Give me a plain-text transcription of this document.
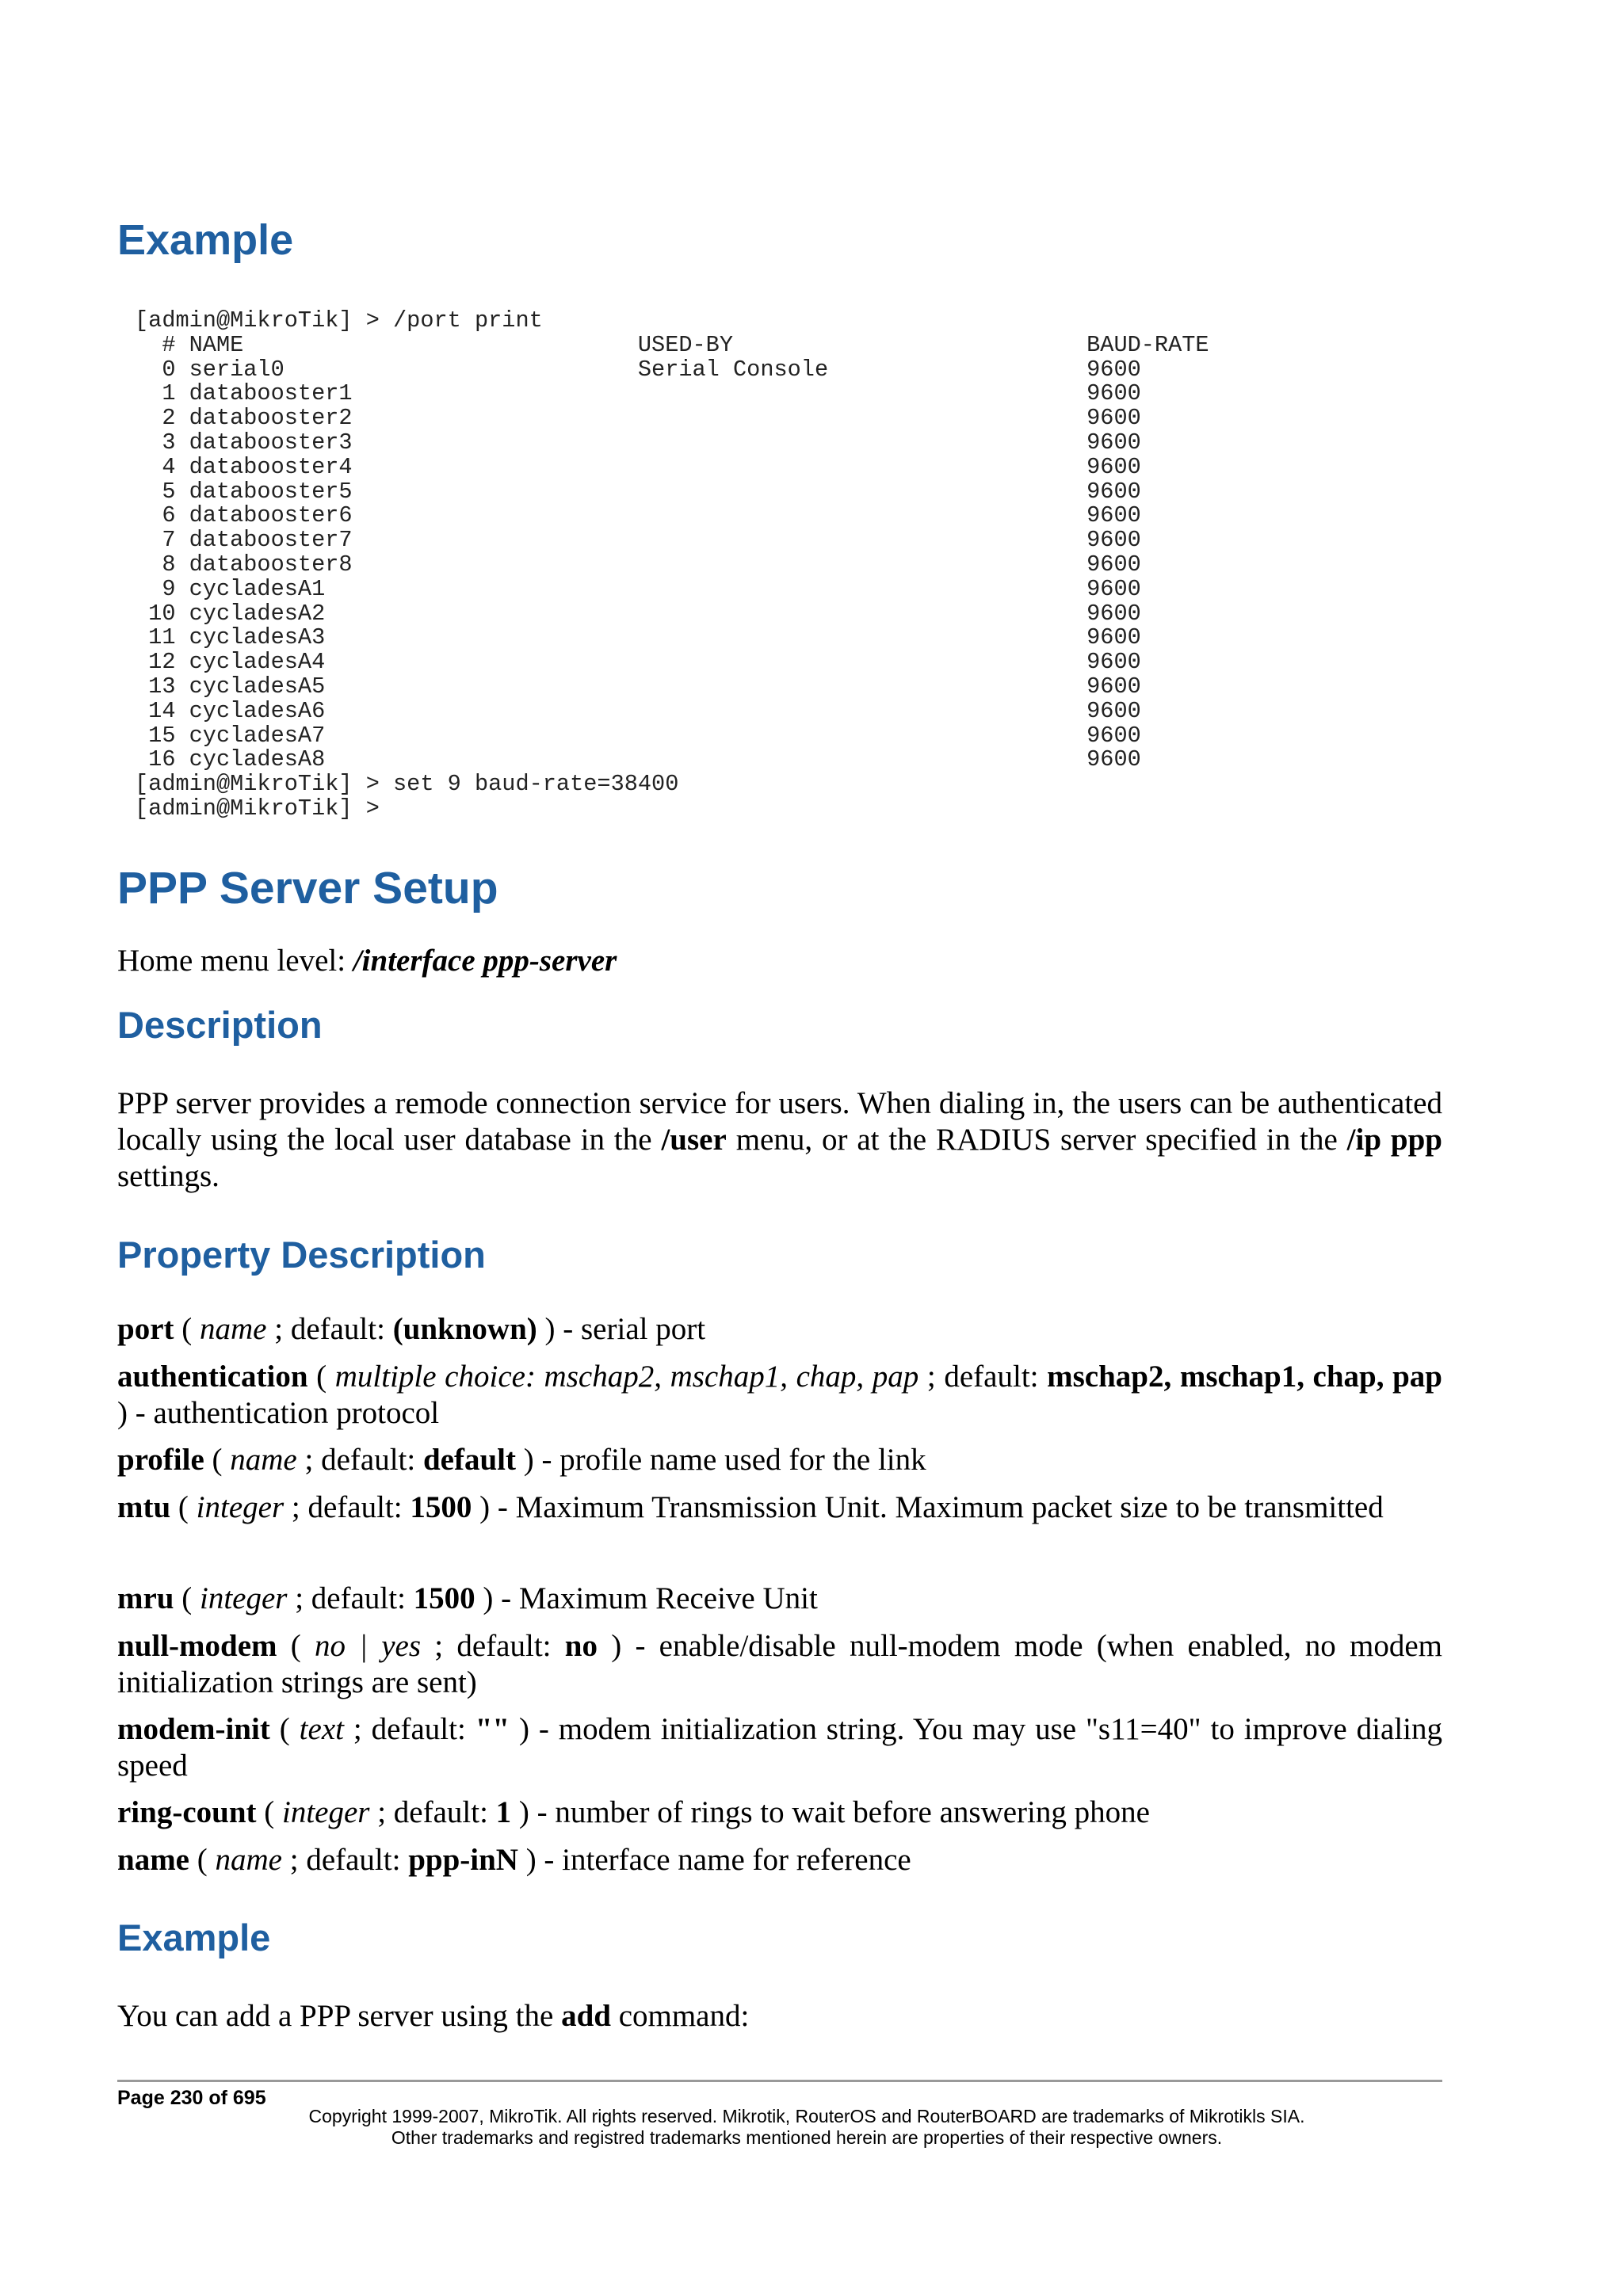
Example
[admin@MikroTik] > /port print
# NAME                             USED-BY                          BAUD-RATE
0 serial0                          Serial Console                   9600
1 databooster1                                                      9600
2 databooster2                                                      9600
3 databooster3                                                      9600
4 databooster4                                                      9600
5 databooster5                                                      9600
6 databooster6                                                      9600
7 databooster7                                                      9600
8 databooster8                                                      9600
9 cycladesA1                                                        9600
10 cycladesA2                                                        9600
11 cycladesA3                                                        9600
12 cycladesA4                                                        9600
13 cycladesA5                                                        9600
14 cycladesA6                                                        9600
15 cycladesA7                                                        9600
16 cycladesA8                                                        9600
[admin@MikroTik] > set 9 baud-rate=38400
[admin@MikroTik] >
PPP Server Setup

Home menu level: /interface ppp-server

Description

PPP server provides a remode connection service for users. When dialing in, the users can be authenticated locally using the local user database in the /user menu, or at the RADIUS server specified in the /ip ppp settings.

Property Description

port ( name ; default: (unknown) ) - serial port

authentication ( multiple choice: mschap2, mschap1, chap, pap ; default: mschap2, mschap1, chap, pap ) - authentication protocol

profile ( name ; default: default ) - profile name used for the link

mtu ( integer ; default: 1500 ) - Maximum Transmission Unit. Maximum packet size to be transmitted

mru ( integer ; default: 1500 ) - Maximum Receive Unit

null-modem ( no | yes ; default: no ) - enable/disable null-modem mode (when enabled, no modem initialization strings are sent)

modem-init ( text ; default: "" ) - modem initialization string. You may use "s11=40" to improve dialing speed

ring-count ( integer ; default: 1 ) - number of rings to wait before answering phone

name ( name ; default: ppp-inN ) - interface name for reference

Example

You can add a PPP server using the add command:

Page 230 of 695
Copyright 1999-2007, MikroTik. All rights reserved. Mikrotik, RouterOS and RouterBOARD are trademarks of Mikrotikls SIA.
Other trademarks and registred trademarks mentioned herein are properties of their respective owners.
